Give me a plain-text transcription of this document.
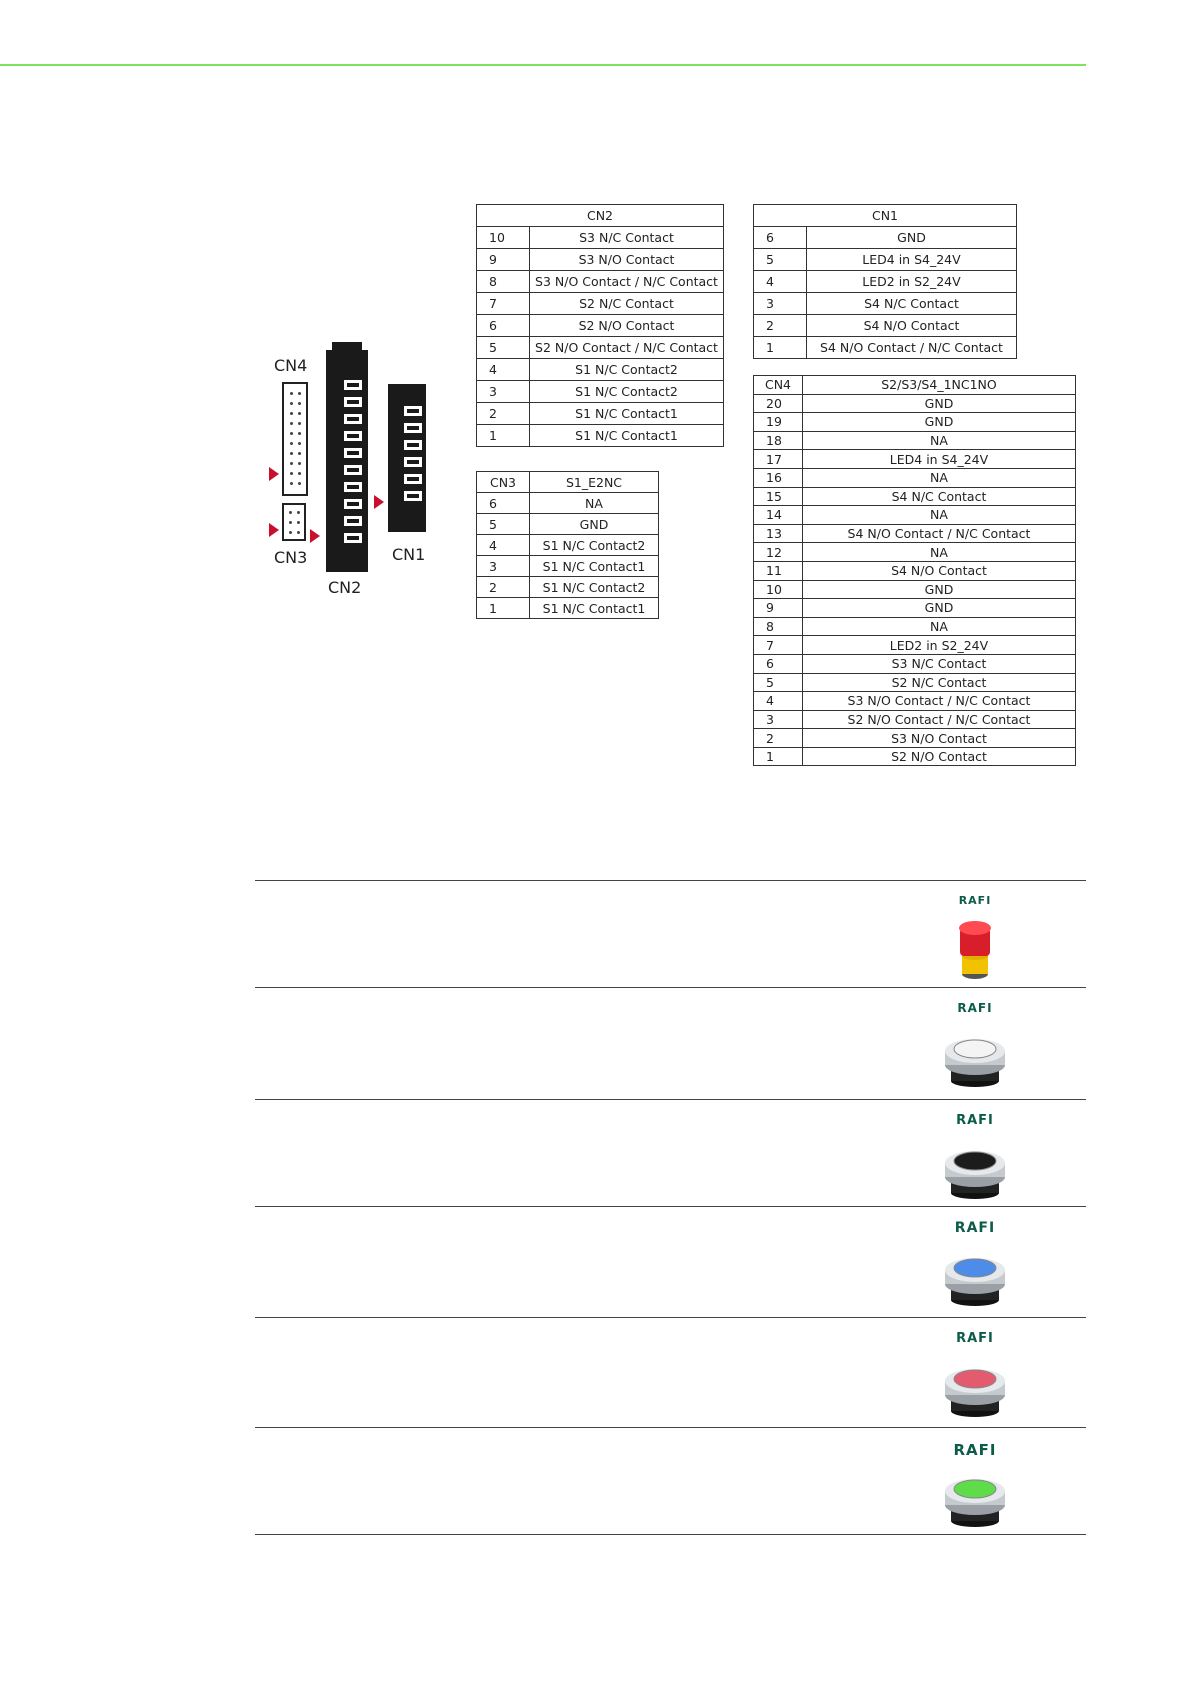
CN4
CN3
CN2
CN1
CN2	
10	S3 N/C Contact
9	S3 N/O Contact
8	S3 N/O Contact / N/C Contact
7	S2 N/C Contact
6	S2 N/O Contact
5	S2 N/O Contact / N/C Contact
4	S1 N/C Contact2
3	S1 N/C Contact2
2	S1 N/C Contact1
1	S1 N/C Contact1
CN3	S1_E2NC
6	NA
5	GND
4	S1 N/C Contact2
3	S1 N/C Contact1
2	S1 N/C Contact2
1	S1 N/C Contact1
CN1	
6	GND
5	LED4 in S4_24V
4	LED2 in S2_24V
3	S4 N/C Contact
2	S4 N/O Contact
1	S4 N/O Contact / N/C Contact
CN4	S2/S3/S4_1NC1NO
20	GND
19	GND
18	NA
17	LED4 in S4_24V
16	NA
15	S4 N/C Contact
14	NA
13	S4 N/O Contact / N/C Contact
12	NA
11	S4 N/O Contact
10	GND
9	GND
8	NA
7	LED2 in S2_24V
6	S3 N/C Contact
5	S2 N/C Contact
4	S3 N/O Contact / N/C Contact
3	S2 N/O Contact / N/C Contact
2	S3 N/O Contact
1	S2 N/O Contact
RAFI
RAFI
RAFI
RAFI
RAFI
RAFI
